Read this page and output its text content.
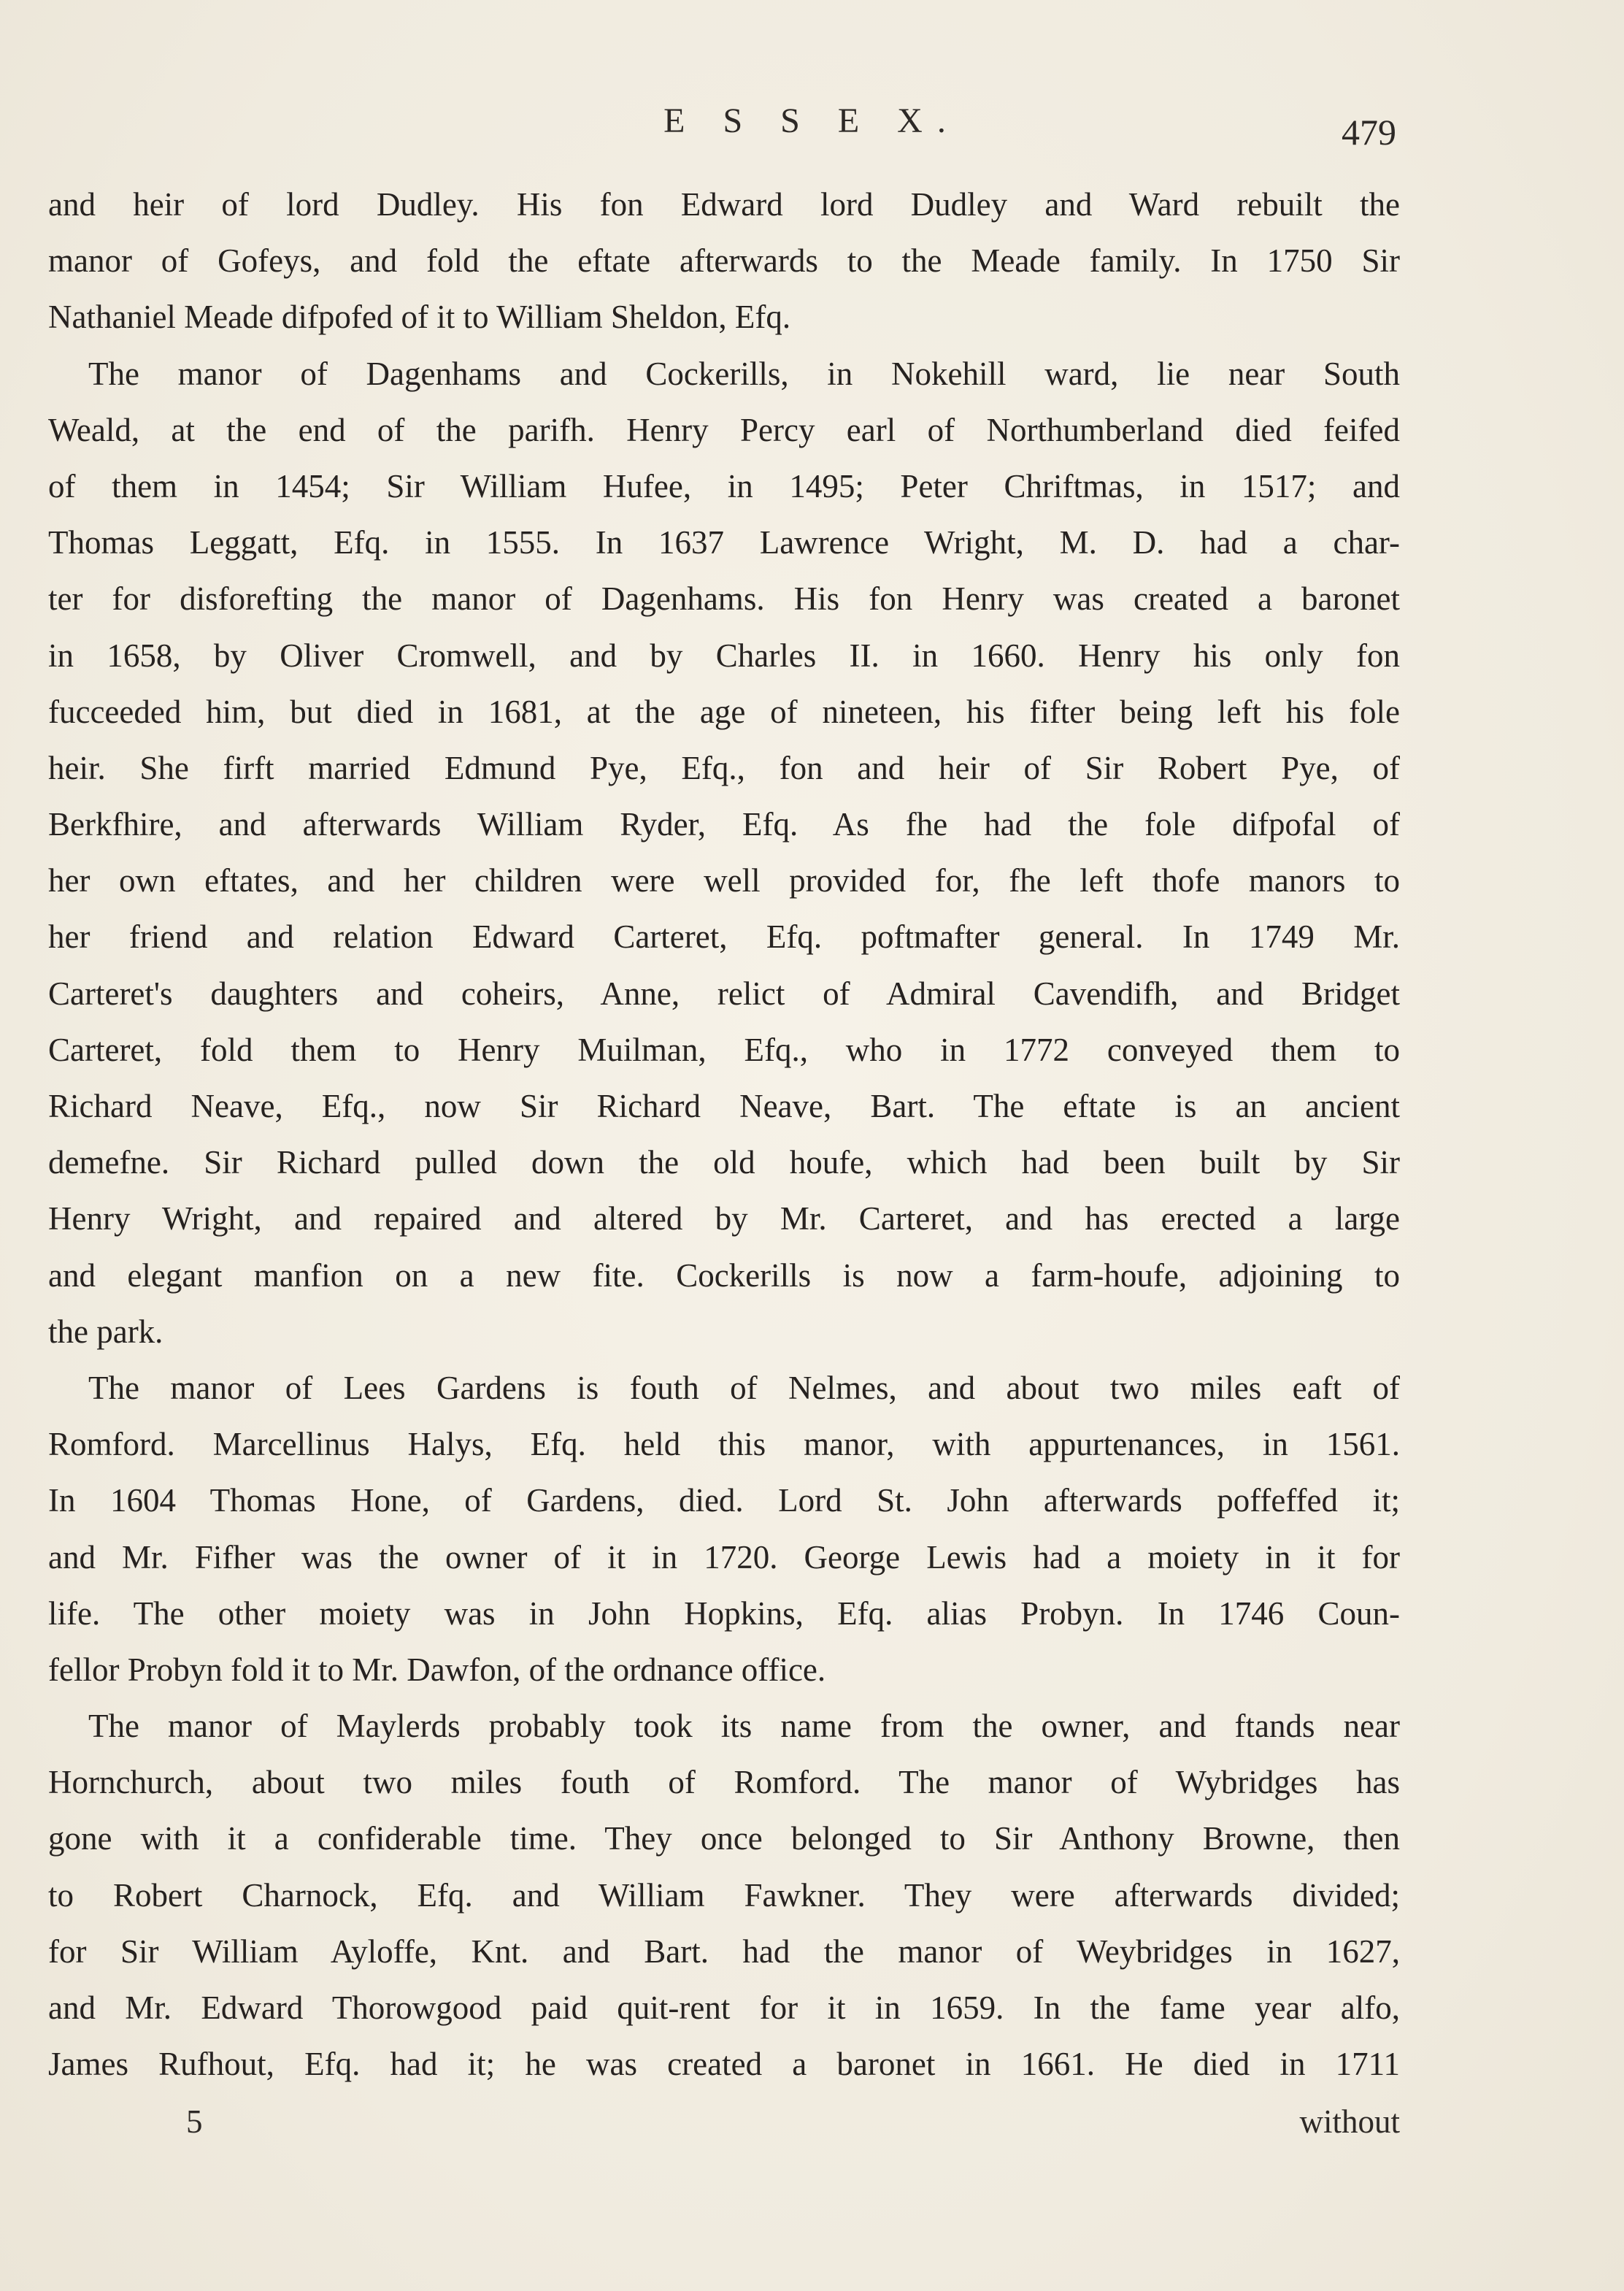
E S S E X.	479
and heir of lord Dudley. His fon Edward lord Dudley and Ward rebuilt the
manor of Gofeys, and fold the eftate afterwards to the Meade family. In 1750 Sir
Nathaniel Meade difpofed of it to William Sheldon, Efq.
The manor of Dagenhams and Cockerills, in Nokehill ward, lie near South
Weald, at the end of the parifh. Henry Percy earl of Northumberland died feifed
of them in 1454; Sir William Hufee, in 1495; Peter Chriftmas, in 1517; and
Thomas Leggatt, Efq. in 1555. In 1637 Lawrence Wright, M. D. had a char-
ter for disforefting the manor of Dagenhams. His fon Henry was created a baronet
in 1658, by Oliver Cromwell, and by Charles II. in 1660. Henry his only fon
fucceeded him, but died in 1681, at the age of nineteen, his fifter being left his fole
heir. She firft married Edmund Pye, Efq., fon and heir of Sir Robert Pye, of
Berkfhire, and afterwards William Ryder, Efq. As fhe had the fole difpofal of
her own eftates, and her children were well provided for, fhe left thofe manors to
her friend and relation Edward Carteret, Efq. poftmafter general. In 1749 Mr.
Carteret's daughters and coheirs, Anne, relict of Admiral Cavendifh, and Bridget
Carteret, fold them to Henry Muilman, Efq., who in 1772 conveyed them to
Richard Neave, Efq., now Sir Richard Neave, Bart. The eftate is an ancient
demefne. Sir Richard pulled down the old houfe, which had been built by Sir
Henry Wright, and repaired and altered by Mr. Carteret, and has erected a large
and elegant manfion on a new fite. Cockerills is now a farm-houfe, adjoining to
the park.
The manor of Lees Gardens is fouth of Nelmes, and about two miles eaft of
Romford. Marcellinus Halys, Efq. held this manor, with appurtenances, in 1561.
In 1604 Thomas Hone, of Gardens, died. Lord St. John afterwards poffeffed it;
and Mr. Fifher was the owner of it in 1720. George Lewis had a moiety in it for
life. The other moiety was in John Hopkins, Efq. alias Probyn. In 1746 Coun-
fellor Probyn fold it to Mr. Dawfon, of the ordnance office.
The manor of Maylerds probably took its name from the owner, and ftands near
Hornchurch, about two miles fouth of Romford. The manor of Wybridges has
gone with it a confiderable time. They once belonged to Sir Anthony Browne, then
to Robert Charnock, Efq. and William Fawkner. They were afterwards divided;
for Sir William Ayloffe, Knt. and Bart. had the manor of Weybridges in 1627,
and Mr. Edward Thorowgood paid quit-rent for it in 1659. In the fame year alfo,
James Rufhout, Efq. had it; he was created a baronet in 1661. He died in 1711
5	without
